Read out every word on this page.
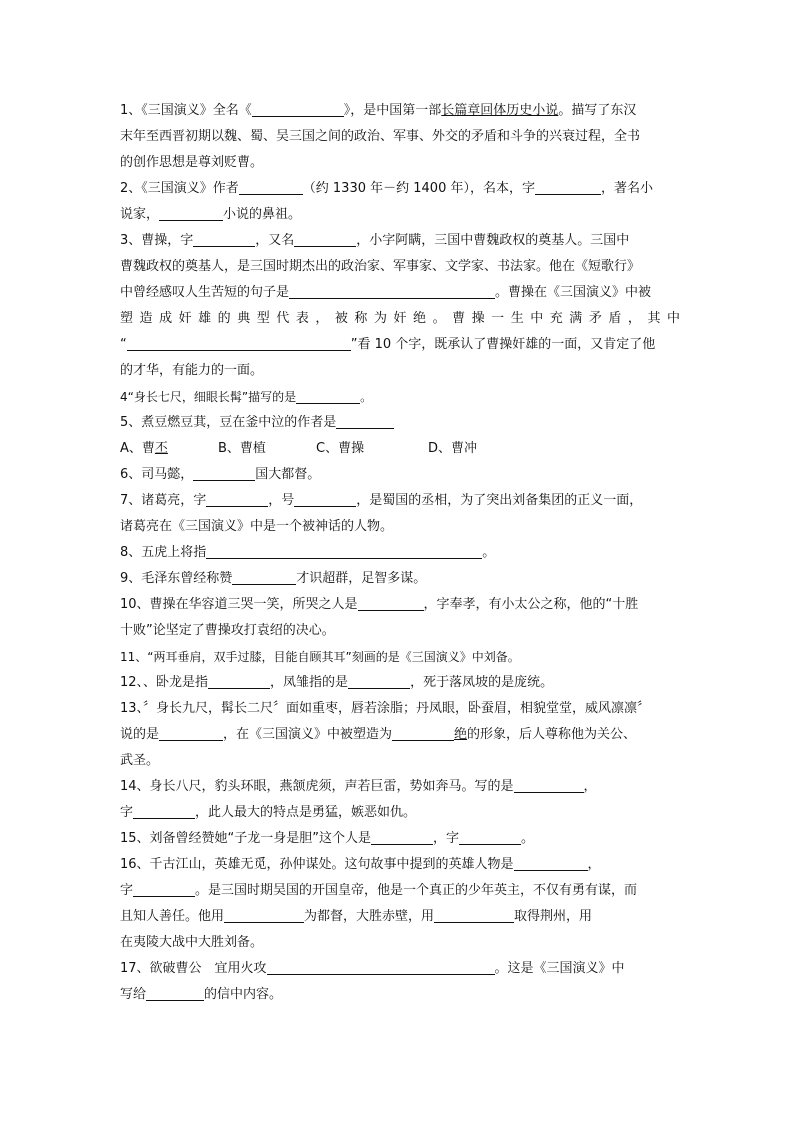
1、《三国演义》全名《	》，是中国第一部长篇章回体历史小说。描写了东汉
末年至西晋初期以魏、蜀、吴三国之间的政治、军事、外交的矛盾和斗争的兴衰过程，全书
的创作思想是尊刘贬曹。
2、《三国演义》作者	（约 1330 年－约 1400 年），名本，字	，著名小
说家，	小说的鼻祖。
3、曹操，字	，又名	，小字阿瞒，三国中曹魏政权的奠基人。三国中
曹魏政权的奠基人，是三国时期杰出的政治家、军事家、文学家、书法家。他在《短歌行》
中曾经感叹人生苦短的句子是	。曹操在《三国演义》中被
塑造成奸雄的典型代表，被称为奸绝。曹操一生中充满矛盾，其中
“	”看 10 个字，既承认了曹操奸雄的一面，又肯定了他
的才华，有能力的一面。
4“身长七尺，细眼长髯”描写的是	。
5、煮豆燃豆萁，豆在釜中泣的作者是
A、曹丕	B、曹植	C、曹操	D、曹冲
6、司马懿，	国大都督。
7、诸葛亮，字	，号	，是蜀国的丞相，为了突出刘备集团的正义一面，
诸葛亮在《三国演义》中是一个被神话的人物。
8、五虎上将指	。
9、毛泽东曾经称赞	才识超群，足智多谋。
10、曹操在华容道三哭一笑，所哭之人是	，字奉孝，有小太公之称，他的“十胜
十败”论坚定了曹操攻打袁绍的决心。
11、“两耳垂肩，双手过膝，目能自顾其耳”刻画的是《三国演义》中刘备。
12、、卧龙是指	，凤雏指的是	，死于落凤坡的是庞统。
13、〞身长九尺，髯长二尺〞面如重枣，唇若涂脂；丹凤眼，卧蚕眉，相貌堂堂，威风凛凛〞
说的是	，在《三国演义》中被塑造为	绝的形象，后人尊称他为关公、
武圣。
14、身长八尺，豹头环眼，燕颔虎须，声若巨雷，势如奔马。写的是	，
字	，此人最大的特点是勇猛，嫉恶如仇。
15、刘备曾经赞她“子龙一身是胆”这个人是	，字	。
16、千古江山，英雄无觅，孙仲谋处。这句故事中提到的英雄人物是	，
字	。是三国时期吴国的开国皇帝，他是一个真正的少年英主，不仅有勇有谋，而
且知人善任。他用	为都督，大胜赤壁，用	取得荆州，用
在夷陵大战中大胜刘备。
17、欲破曹公　宜用火攻	。这是《三国演义》中
写给	的信中内容。
